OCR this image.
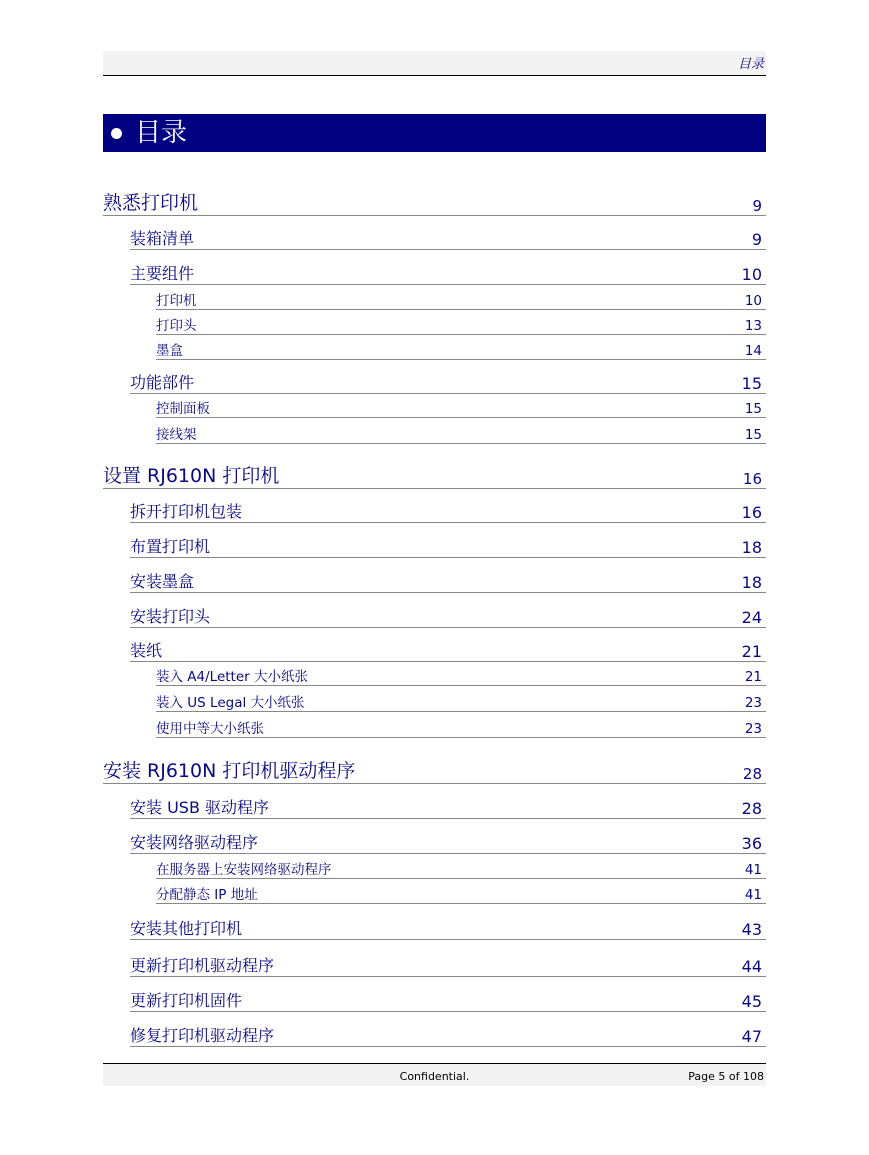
目录
目录
熟悉打印机	9
装箱清单	9
主要组件	10
打印机	10
打印头	13
墨盒	14
功能部件	15
控制面板	15
接线架	15
设置 RJ610N 打印机	16
拆开打印机包装	16
布置打印机	18
安装墨盒	18
安装打印头	24
装纸	21
装入 A4/Letter 大小纸张	21
装入 US Legal 大小纸张	23
使用中等大小纸张	23
安装 RJ610N 打印机驱动程序	28
安装 USB 驱动程序	28
安装网络驱动程序	36
在服务器上安装网络驱动程序	41
分配静态 IP 地址	41
安装其他打印机	43
更新打印机驱动程序	44
更新打印机固件	45
修复打印机驱动程序	47
Confidential.	Page 5 of 108
